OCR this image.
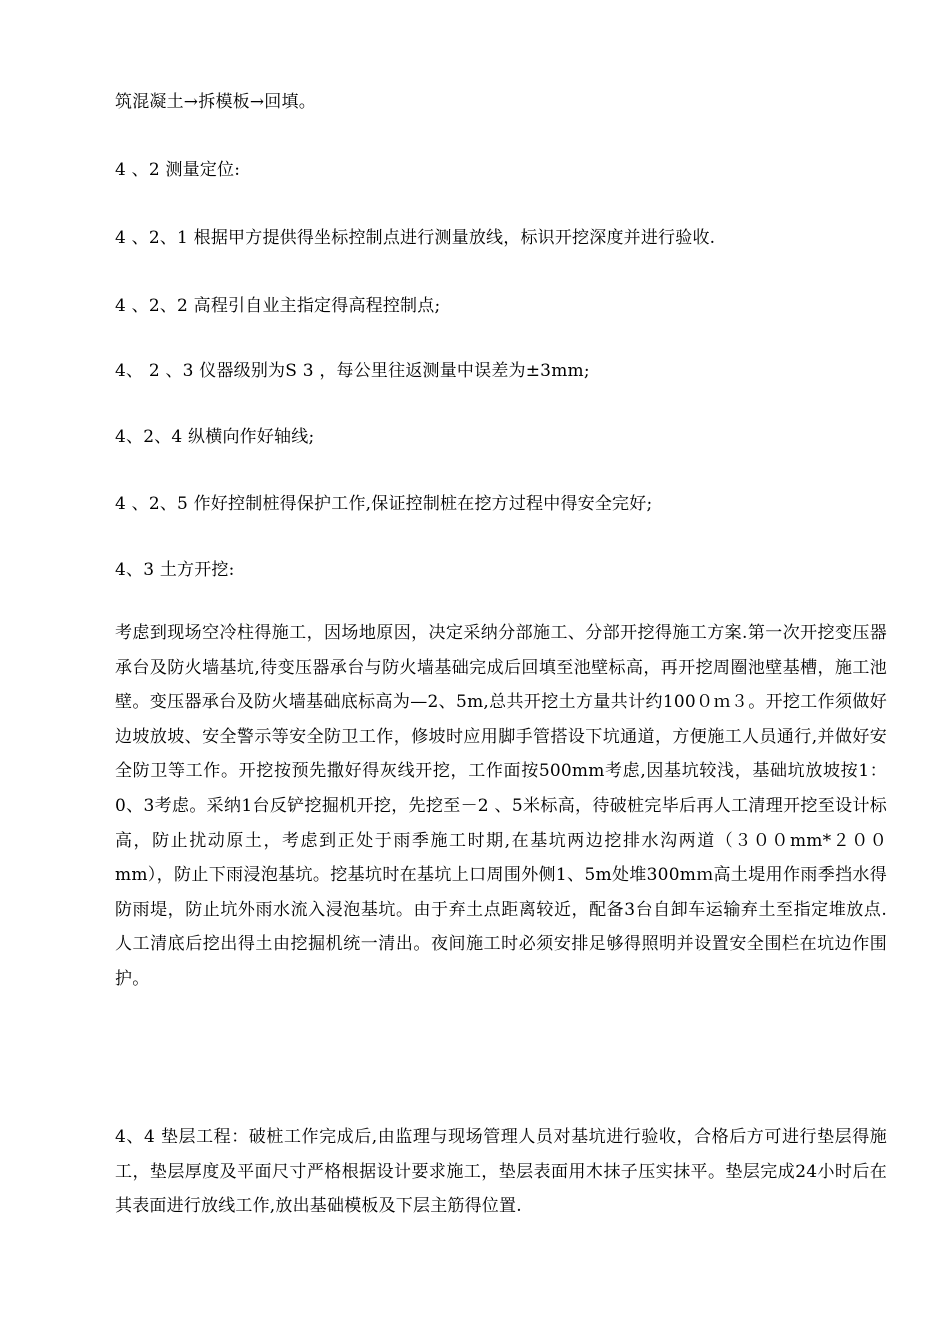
筑混凝土→拆模板→回填。
4 、2 测量定位:
4 、2、1 根据甲方提供得坐标控制点进行测量放线，标识开挖深度并进行验收.
4 、2、2 高程引自业主指定得高程控制点;
4、 2 、3 仪器级别为S 3 ，每公里往返测量中误差为±3mm;
4、2、4 纵横向作好轴线;
4 、2、5 作好控制桩得保护工作,保证控制桩在挖方过程中得安全完好;
4、3 土方开挖:
考虑到现场空冷柱得施工，因场地原因，决定采纳分部施工、分部开挖得施工方案.第一次开挖变压器承台及防火墙基坑,待变压器承台与防火墙基础完成后回填至池壁标高，再开挖周圈池壁基槽，施工池壁。变压器承台及防火墙基础底标高为—2、5m,总共开挖土方量共计约100０ｍ３。开挖工作须做好边坡放坡、安全警示等安全防卫工作，修坡时应用脚手管搭设下坑通道，方便施工人员通行,并做好安全防卫等工作。开挖按预先撒好得灰线开挖，工作面按500mm考虑,因基坑较浅，基础坑放坡按1：0、3考虑。采纳1台反铲挖掘机开挖，先挖至－2 、5米标高，待破桩完毕后再人工清理开挖至设计标高，防止扰动原土，考虑到正处于雨季施工时期,在基坑两边挖排水沟两道（３００mm*２００mm），防止下雨浸泡基坑。挖基坑时在基坑上口周围外侧1、5m处堆300mｍ高土堤用作雨季挡水得防雨堤，防止坑外雨水流入浸泡基坑。由于弃土点距离较近，配备3台自卸车运输弃土至指定堆放点.人工清底后挖出得土由挖掘机统一清出。夜间施工时必须安排足够得照明并设置安全围栏在坑边作围护。
4、4 垫层工程：破桩工作完成后,由监理与现场管理人员对基坑进行验收，合格后方可进行垫层得施工，垫层厚度及平面尺寸严格根据设计要求施工，垫层表面用木抹子压实抹平。垫层完成24小时后在其表面进行放线工作,放出基础模板及下层主筋得位置.
